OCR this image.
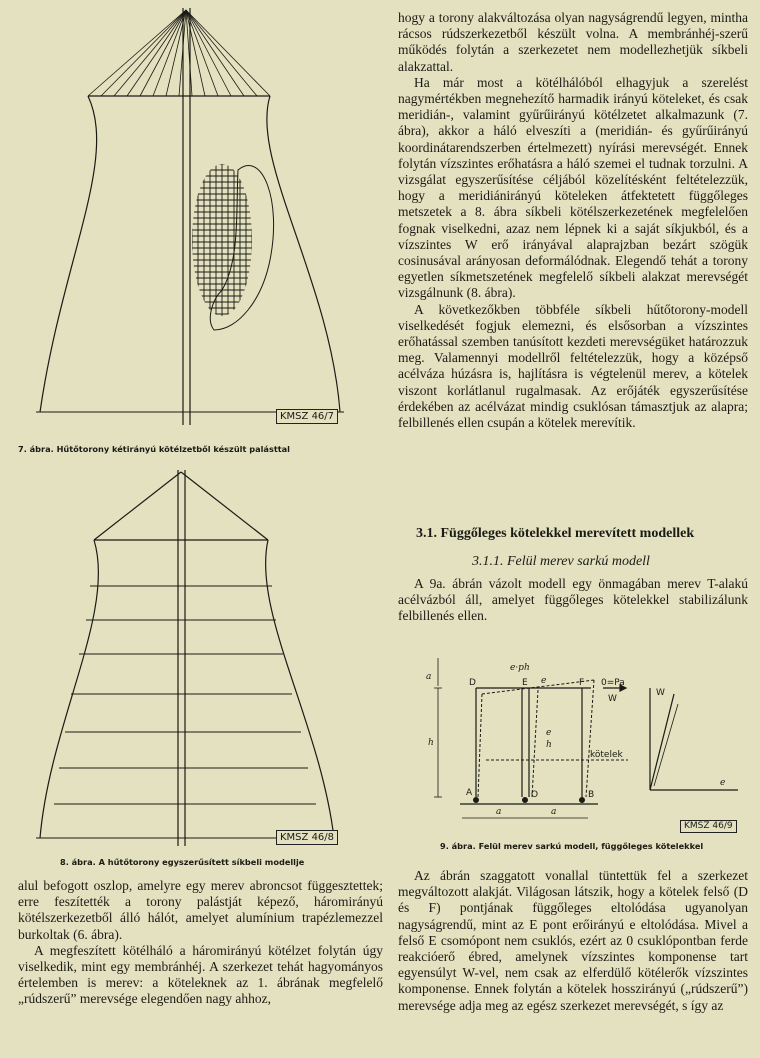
KMSZ 46/7
7. ábra. Hűtőtorony kétirányú kötélzetből készült palásttal
KMSZ 46/8
8. ábra. A hűtőtorony egyszerűsített síkbeli modellje

alul befogott oszlop, amelyre egy merev abroncsot függesztettek; erre feszítették a torony palástját képező, háromirányú kötélszerkezetből álló hálót, amelyet alumínium trapézlemezzel burkoltak (6. ábra).

A megfeszített kötélháló a háromirányú kötélzet folytán úgy viselkedik, mint egy membránhéj. A szerkezet tehát hagyományos értelemben is merev: a köteleknek az 1. ábrának megfelelő „rúdszerű” merevsége elegendően nagy ahhoz,

hogy a torony alakváltozása olyan nagyságrendű legyen, mintha rácsos rúdszerkezetből készült volna. A membránhéj-szerű működés folytán a szerkezetet nem modellezhetjük síkbeli alakzattal.

Ha már most a kötélhálóból elhagyjuk a szerelést nagymértékben megnehezítő harmadik irányú köteleket, és csak meridián-, valamint gyűrűirányú kötélzetet alkalmazunk (7. ábra), akkor a háló elveszíti a (meridián- és gyűrűirányú koordinátarendszerben értelmezett) nyírási merevségét. Ennek folytán vízszintes erőhatásra a háló szemei el tudnak torzulni. A vizsgálat egyszerűsítése céljából közelítésként feltételezzük, hogy a meridiánirányú köteleken átfektetett függőleges metszetek a 8. ábra síkbeli kötélszerkezetének megfelelően fognak viselkedni, azaz nem lépnek ki a saját síkjukból, és a vízszintes W erő irányával alaprajzban bezárt szögük cosinusával arányosan deformálódnak. Elegendő tehát a torony egyetlen síkmetszetének megfelelő síkbeli alakzat merevségét vizsgálnunk (8. ábra).

A következőkben többféle síkbeli hűtőtorony-modell viselkedését fogjuk elemezni, és elsősorban a vízszintes erőhatással szemben tanúsított kezdeti merevségüket határozzuk meg. Valamennyi modellről feltételezzük, hogy a középső acélváza húzásra is, hajlításra is végtelenül merev, a kötelek viszont korlátlanul rugalmasak. Az erőjáték egyszerűsítése érdekében az acélvázat mindig csuklósan támasztjuk az alapra; felbillenés ellen csupán a kötelek merevítik.

3.1. Függőleges kötelekkel merevített modellek
3.1.1. Felül merev sarkú modell

A 9a. ábrán vázolt modell egy önmagában merev T-alakú acélvázból áll, amelyet függőleges kötelekkel stabilizálunk felbillenés ellen.

a
e·ph
D	E	F
e	0=Pa
W
h
e
h
kötelek
A	O	B
a	a
W
e
KMSZ 46/9
9. ábra. Felül merev sarkú modell, függőleges kötelekkel

Az ábrán szaggatott vonallal tüntettük fel a szerkezet megváltozott alakját. Világosan látszik, hogy a kötelek felső (D és F) pontjának függőleges eltolódása ugyanolyan nagyságrendű, mint az E pont erőirányú e eltolódása. Mivel a felső E csomópont nem csuklós, ezért az 0 csuklópontban ferde reakcióerő ébred, amelynek vízszintes komponense tart egyensúlyt W-vel, nem csak az elferdülő kötélerők vízszintes komponense. Ennek folytán a kötelek hosszirányú („rúdszerű”) merevsége adja meg az egész szerkezet merevségét, s így az
